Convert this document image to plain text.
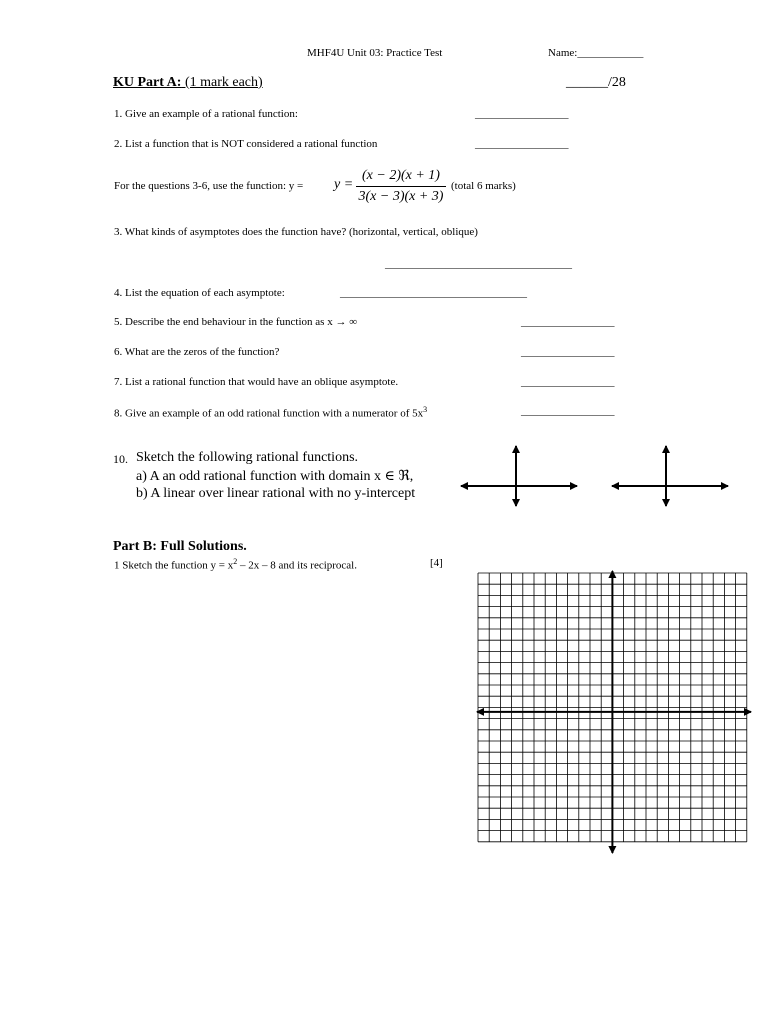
MHF4U Unit 03: Practice Test	Name:____________
KU Part A: (1 mark each)	______/28
1. Give an example of a rational function:	_________________
2. List a function that is NOT considered a rational function	_________________
For the questions 3-6, use the function: $y = y = \frac{(x - 2)(x + 1)}{3(x - 3)(x + 3)}$ (total 6 marks)
3. What kinds of asymptotes does the function have? (horizontal, vertical, oblique)
__________________________________
4. List the equation of each asymptote:	__________________________________
5. Describe the end behaviour in the function as x → ∞	_________________
6. What are the zeros of the function?	_________________
7. List a rational function that would have an oblique asymptote.	_________________
8. Give an example of an odd rational function with a numerator of $5x^3$	_________________
10. Sketch the following rational functions.
a) A an odd rational function with domain x ∈ ℜ,
b) A linear over linear rational with no y-intercept
Part B: Full Solutions.
1 Sketch the function $y = x^2 - 2x - 8$ and its reciprocal.	[4]
